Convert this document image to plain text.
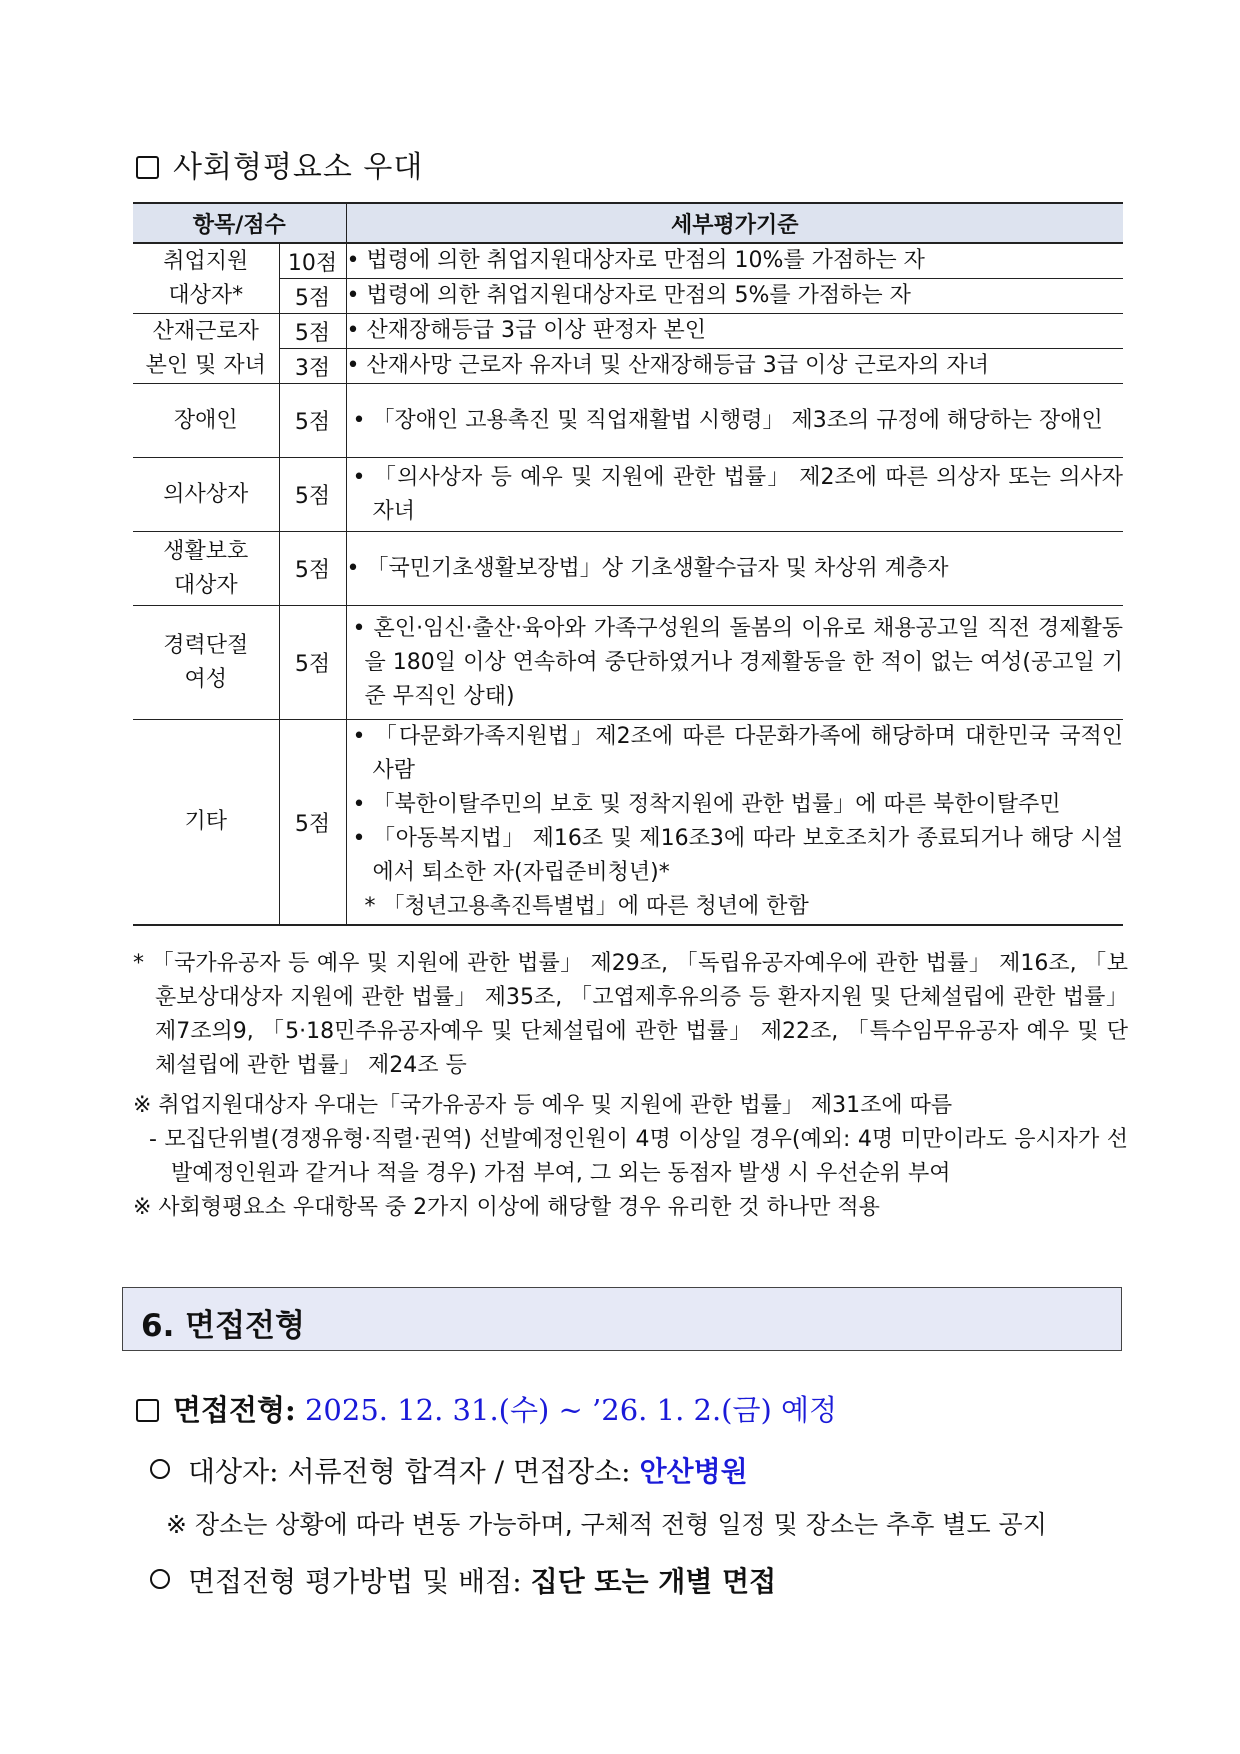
사회형평요소 우대
항목/점수		세부평가기준

취업지원
대상자*	10점	• 법령에 의한 취업지원대상자로 만점의 10%를 가점하는 자
	5점	• 법령에 의한 취업지원대상자로 만점의 5%를 가점하는 자

산재근로자
본인 및 자녀	5점	• 산재장해등급 3급 이상 판정자 본인
	3점	• 산재사망 근로자 유자녀 및 산재장해등급 3급 이상 근로자의 자녀
장애인	5점	• 「장애인 고용촉진 및 직업재활법 시행령」 제3조의 규정에 해당하는 장애인

의사상자	5점	• 「의사상자 등 예우 및 지원에 관한 법률」 제2조에 따른 의상자 또는 의사자 자녀

생활보호
대상자	5점	• 「국민기초생활보장법」상 기초생활수급자 및 차상위 계층자

경력단절
여성	5점	• 혼인·임신·출산·육아와 가족구성원의 돌봄의 이유로 채용공고일 직전 경제활동을 180일 이상 연속하여 중단하였거나 경제활동을 한 적이 없는 여성(공고일 기준 무직인 상태)

기타	5점	• 「다문화가족지원법」제2조에 따른 다문화가족에 해당하며 대한민국 국적인 사람
• 「북한이탈주민의 보호 및 정착지원에 관한 법률」에 따른 북한이탈주민
• 「아동복지법」 제16조 및 제16조3에 따라 보호조치가 종료되거나 해당 시설에서 퇴소한 자(자립준비청년)*
* 「청년고용촉진특별법」에 따른 청년에 한함
* 「국가유공자 등 예우 및 지원에 관한 법률」 제29조, 「독립유공자예우에 관한 법률」 제16조, 「보훈보상대상자 지원에 관한 법률」 제35조, 「고엽제후유의증 등 환자지원 및 단체설립에 관한 법률」 제7조의9, 「5·18민주유공자예우 및 단체설립에 관한 법률」 제22조, 「특수임무유공자 예우 및 단체설립에 관한 법률」 제24조 등
※ 취업지원대상자 우대는「국가유공자 등 예우 및 지원에 관한 법률」 제31조에 따름
- 모집단위별(경쟁유형·직렬·권역) 선발예정인원이 4명 이상일 경우(예외: 4명 미만이라도 응시자가 선발예정인원과 같거나 적을 경우) 가점 부여, 그 외는 동점자 발생 시 우선순위 부여
※ 사회형평요소 우대항목 중 2가지 이상에 해당할 경우 유리한 것 하나만 적용
6. 면접전형
면접전형: 2025. 12. 31.(수) ~ ’26. 1. 2.(금) 예정
대상자: 서류전형 합격자 / 면접장소: 안산병원
※ 장소는 상황에 따라 변동 가능하며, 구체적 전형 일정 및 장소는 추후 별도 공지
면접전형 평가방법 및 배점: 집단 또는 개별 면접
